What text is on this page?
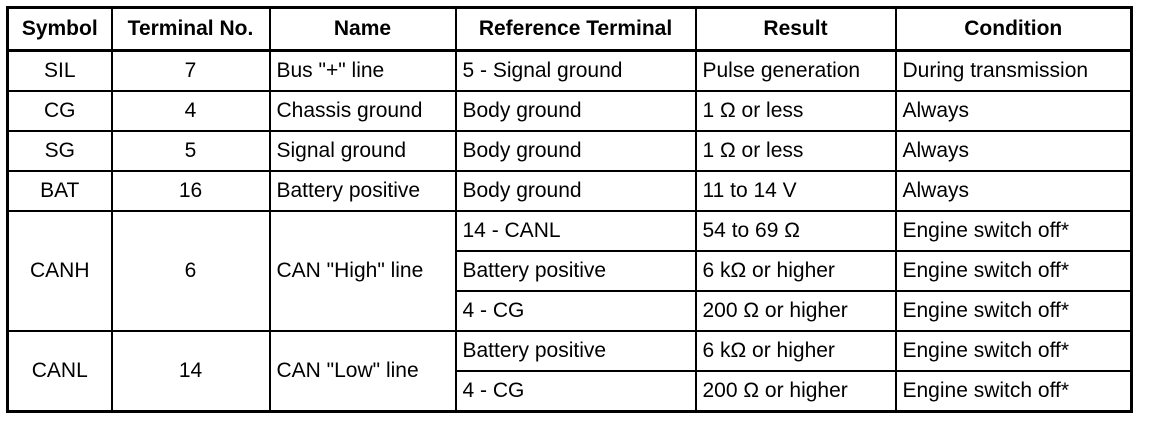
Symbol	Terminal No.	Name	Reference Terminal	Result	Condition
SIL	7	Bus "+" line	5 - Signal ground	Pulse generation	During transmission
CG	4	Chassis ground	Body ground	1 Ω or less	Always
SG	5	Signal ground	Body ground	1 Ω or less	Always
BAT	16	Battery positive	Body ground	11 to 14 V	Always
CANH	6	CAN "High" line	14 - CANL	54 to 69 Ω	Engine switch off*
			Battery positive	6 kΩ or higher	Engine switch off*
			4 - CG	200 Ω or higher	Engine switch off*
CANL	14	CAN "Low" line	Battery positive	6 kΩ or higher	Engine switch off*
			4 - CG	200 Ω or higher	Engine switch off*
